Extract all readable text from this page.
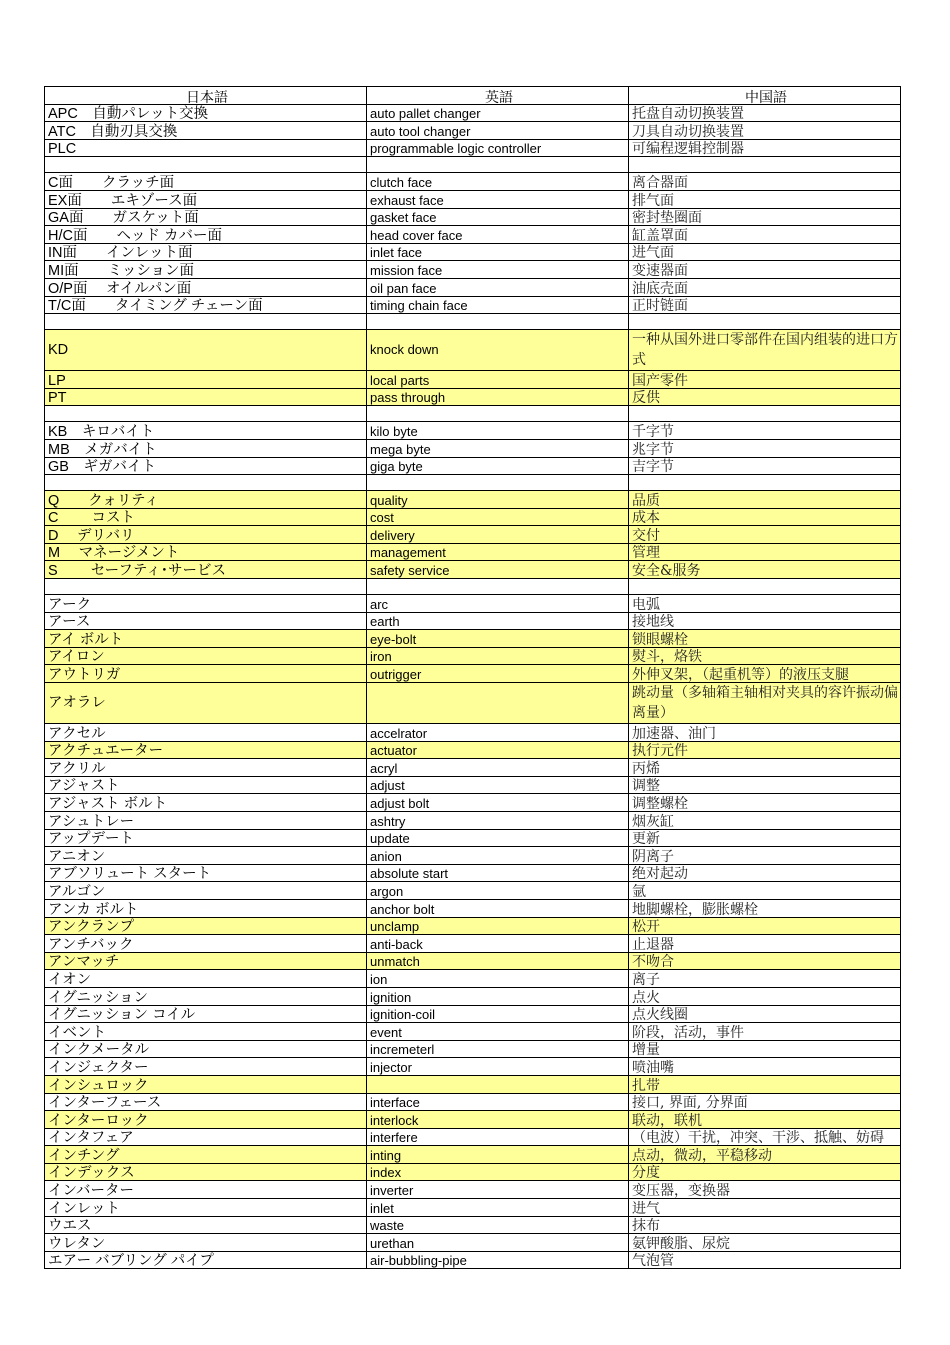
日本語	英語	中国語
APC　自動パレット交換	auto pallet changer	托盘自动切换装置
ATC　自動刃具交換	auto tool changer	刀具自动切换装置
PLC	programmable logic controller	可编程逻辑控制器

C面　　クラッチ面	clutch face	离合器面
EX面　　エキゾース面	exhaust face	排气面
GA面　　ガスケット面	gasket face	密封垫圈面
H/C面　　ヘッド カバー面	head cover face	缸盖罩面
IN面　　インレット面	inlet face	进气面
MI面　　ミッション面	mission face	变速器面
O/P面　 オイルパン面	oil pan face	油底壳面
T/C面　　タイミング チェーン面	timing chain face	正时链面

KD	knock down	一种从国外进口零部件在国内组装的进口方式
LP	local parts	国产零件
PT	pass through	反供

KB　キロバイト	kilo byte	千字节
MB　メガバイト	mega byte	兆字节
GB　ギガバイト	giga byte	吉字节

Q　　クォリティ	quality	品质
C　　 コスト	cost	成本
D　 デリバリ	delivery	交付
M　 マネージメント	management	管理
S　　 セーフティ･サービス	safety service	安全&服务

アーク	arc	电弧
アース	earth	接地线
アイ ボルト	eye-bolt	锁眼螺栓
アイロン	iron	熨斗，烙铁
アウトリガ	outrigger	外伸叉架，（起重机等）的液压支腿
アオラレ		跳动量（多轴箱主轴相对夹具的容许振动偏离量）
アクセル	accelrator	加速器、油门
アクチュエーター	actuator	执行元件
アクリル	acryl	丙烯
アジャスト	adjust	调整
アジャスト ボルト	adjust bolt	调整螺栓
アシュトレー	ashtry	烟灰缸
アップデート	update	更新
アニオン	anion	阴离子
アブソリュート スタート	absolute start	绝对起动
アルゴン	argon	氩
アンカ ボルト	anchor bolt	地脚螺栓，膨胀螺栓
アンクランプ	unclamp	松开
アンチバック	anti-back	止退器
アンマッチ	unmatch	不吻合
イオン	ion	离子
イグニッション	ignition	点火
イグニッション コイル	ignition-coil	点火线圈
イベント	event	阶段，活动，事件
インクメータル	incremeterl	增量
インジェクター	injector	喷油嘴
インシュロック		扎带
インターフェース	interface	接口, 界面, 分界面
インターロック	interlock	联动，联机
インタフェア	interfere	（电波）干扰，冲突、干涉、抵触、妨碍
インチング	inting	点动，微动，平稳移动
インデックス	index	分度
インバーター	inverter	变压器，变换器
インレット	inlet	进气
ウエス	waste	抹布
ウレタン	urethan	氨钾酸脂、尿烷
エアー バブリング パイプ	air-bubbling-pipe	气泡管
